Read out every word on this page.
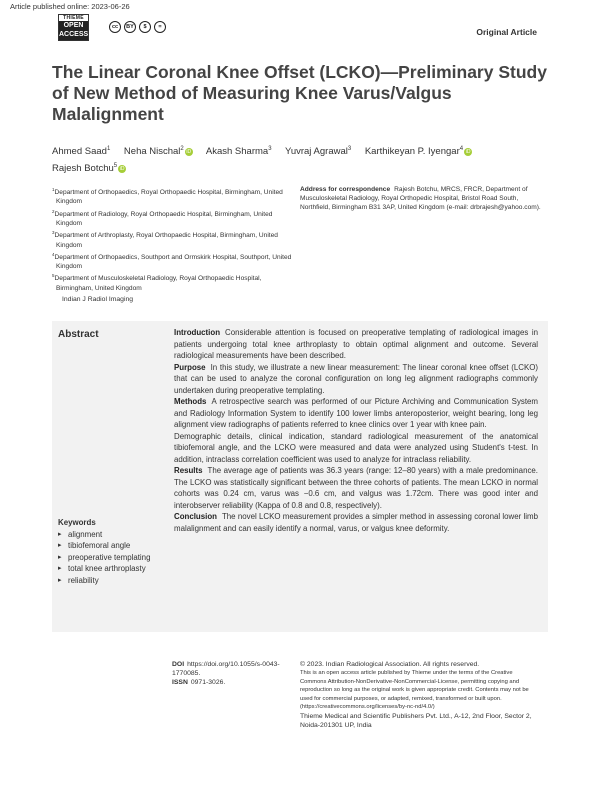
Article published online: 2023-06-26
THIEME
OPEN
ACCESS
cc	BY	$	=	Original Article
The Linear Coronal Knee Offset (LCKO)—Preliminary Study of New Method of Measuring Knee Varus/Valgus Malalignment
Ahmed Saad$^1$ Neha Nischal$^2$iD Akash Sharma$^3$ Yuvraj Agrawal$^3$ Karthikeyan P. Iyengar$^4$iD
Rajesh Botchu$^5$iD
$^1$Department of Orthopaedics, Royal Orthopaedic Hospital, Birmingham, United Kingdom
$^2$Department of Radiology, Royal Orthopaedic Hospital, Birmingham, United Kingdom
$^3$Department of Arthroplasty, Royal Orthopaedic Hospital, Birmingham, United Kingdom
$^4$Department of Orthopaedics, Southport and Ormskirk Hospital, Southport, United Kingdom
$^5$Department of Musculoskeletal Radiology, Royal Orthopaedic Hospital, Birmingham, United Kingdom
Address for correspondence Rajesh Botchu, MRCS, FRCR, Department of Musculoskeletal Radiology, Royal Orthopedic Hospital, Bristol Road South, Northfield, Birmingham B31 3AP, United Kingdom (e-mail: drbrajesh@yahoo.com).
Indian J Radiol Imaging
Abstract	Introduction Considerable attention is focused on preoperative templating of radiological images in patients undergoing total knee arthroplasty to obtain optimal alignment and outcome. Several radiological measurements have been described.

Purpose In this study, we illustrate a new linear measurement: The linear coronal knee offset (LCKO) that can be used to analyze the coronal configuration on long leg alignment radiographs commonly undertaken during preoperative templating.

Methods A retrospective search was performed of our Picture Archiving and Communication System and Radiology Information System to identify 100 lower limbs anteroposterior, weight bearing, long leg alignment view radiographs of patients referred to knee clinics over 1 year with knee pain.

Demographic details, clinical indication, standard radiological measurement of the anatomical tibiofemoral angle, and the LCKO were measured and data were analyzed using Student's t-test. In addition, intraclass correlation coefficient was used to analyze for intraclass reliability.

Results The average age of patients was 36.3 years (range: 12–80 years) with a male predominance. The LCKO was statistically significant between the three cohorts of patients. The mean LCKO in normal cohorts was 0.24 cm, varus was −0.6 cm, and valgus was 1.72cm. There was good inter and interobserver reliability (Kappa of 0.8 and 0.8, respectively).

Conclusion The novel LCKO measurement provides a simpler method in assessing coronal lower limb malalignment and can easily identify a normal, varus, or valgus knee deformity.

Keywords
▸ alignment
▸ tibiofemoral angle
▸ preoperative templating
▸ total knee arthroplasty
▸ reliability
DOI https://doi.org/10.1055/s-0043-1770085.
ISSN 0971-3026.
© 2023. Indian Radiological Association. All rights reserved.
This is an open access article published by Thieme under the terms of the Creative Commons Attribution-NonDerivative-NonCommercial-License, permitting copying and reproduction so long as the original work is given appropriate credit. Contents may not be used for commercial purposes, or adapted, remixed, transformed or built upon. (https://creativecommons.org/licenses/by-nc-nd/4.0/)
Thieme Medical and Scientific Publishers Pvt. Ltd., A-12, 2nd Floor, Sector 2, Noida-201301 UP, India
